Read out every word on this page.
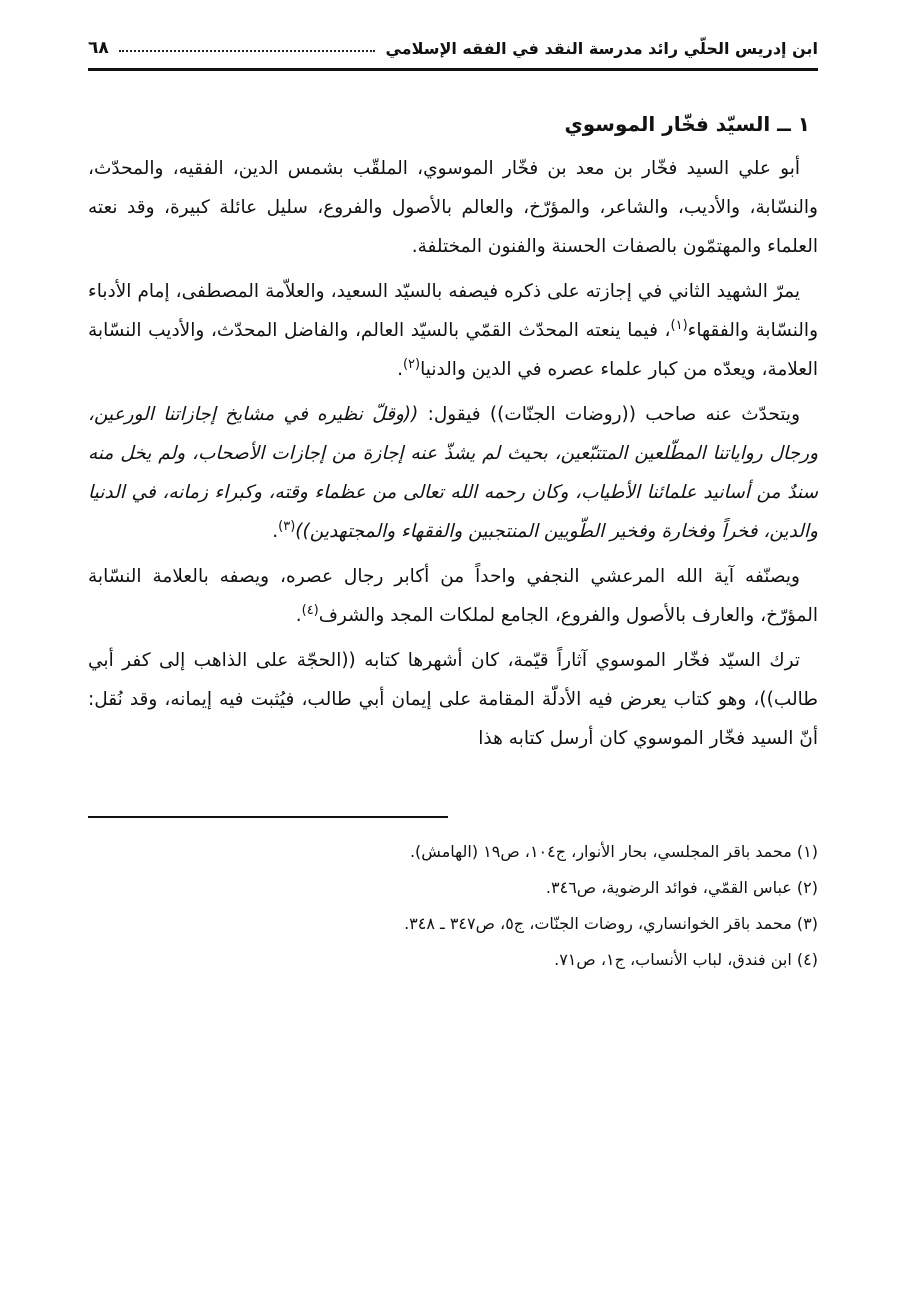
ابن إدريس الحلّي رائد مدرسة النقد في الفقه الإسلامي
٦٨
١ ــ السيّد فخّار الموسوي

أبو علي السيد فخّار بن معد بن فخّار الموسوي، الملقّب بشمس الدين، الفقيه، والمحدّث، والنسّابة، والأديب، والشاعر، والمؤرّخ، والعالم بالأصول والفروع، سليل عائلة كبيرة، وقد نعته العلماء والمهتمّون بالصفات الحسنة والفنون المختلفة.

يمرّ الشهيد الثاني في إجازته على ذكره فيصفه بالسيّد السعيد، والعلاّمة المصطفى، إمام الأدباء والنسّابة والفقهاء$^{(١)}$، فيما ينعته المحدّث القمّي بالسيّد العالم، والفاضل المحدّث، والأديب النسّابة العلامة، ويعدّه من كبار علماء عصره في الدين والدنيا$^{(٢)}$.

ويتحدّث عنه صاحب ((روضات الجنّات)) فيقول: ((وقلّ نظيره في مشايخ إجازاتنا الورعين، ورجال رواياتنا المطّلعين المتتبّعين، بحيث لم يشذّ عنه إجازة من إجازات الأصحاب، ولم يخل منه سندٌ من أسانيد علمائنا الأطياب، وكان رحمه الله تعالى من عظماء وقته، وكبراء زمانه، في الدنيا والدين، فخراً وفخارة وفخير الطّويين المنتجبين والفقهاء والمجتهدين))$^{(٣)}$.

ويصنّفه آية الله المرعشي النجفي واحداً من أكابر رجال عصره، ويصفه بالعلامة النسّابة المؤرّخ، والعارف بالأصول والفروع، الجامع لملكات المجد والشرف$^{(٤)}$.

ترك السيّد فخّار الموسوي آثاراً قيّمة، كان أشهرها كتابه ((الحجّة على الذاهب إلى كفر أبي طالب))، وهو كتاب يعرض فيه الأدلّة المقامة على إيمان أبي طالب، فيُثبت فيه إيمانه، وقد نُقل: أنّ السيد فخّار الموسوي كان أرسل كتابه هذا

(١) محمد باقر المجلسي، بحار الأنوار، ج١٠٤، ص١٩ (الهامش).

(٢) عباس القمّي، فوائد الرضوية، ص٣٤٦.

(٣) محمد باقر الخوانساري، روضات الجنّات، ج٥، ص٣٤٧ ـ ٣٤٨.

(٤) ابن فندق، لباب الأنساب، ج١، ص٧١.
